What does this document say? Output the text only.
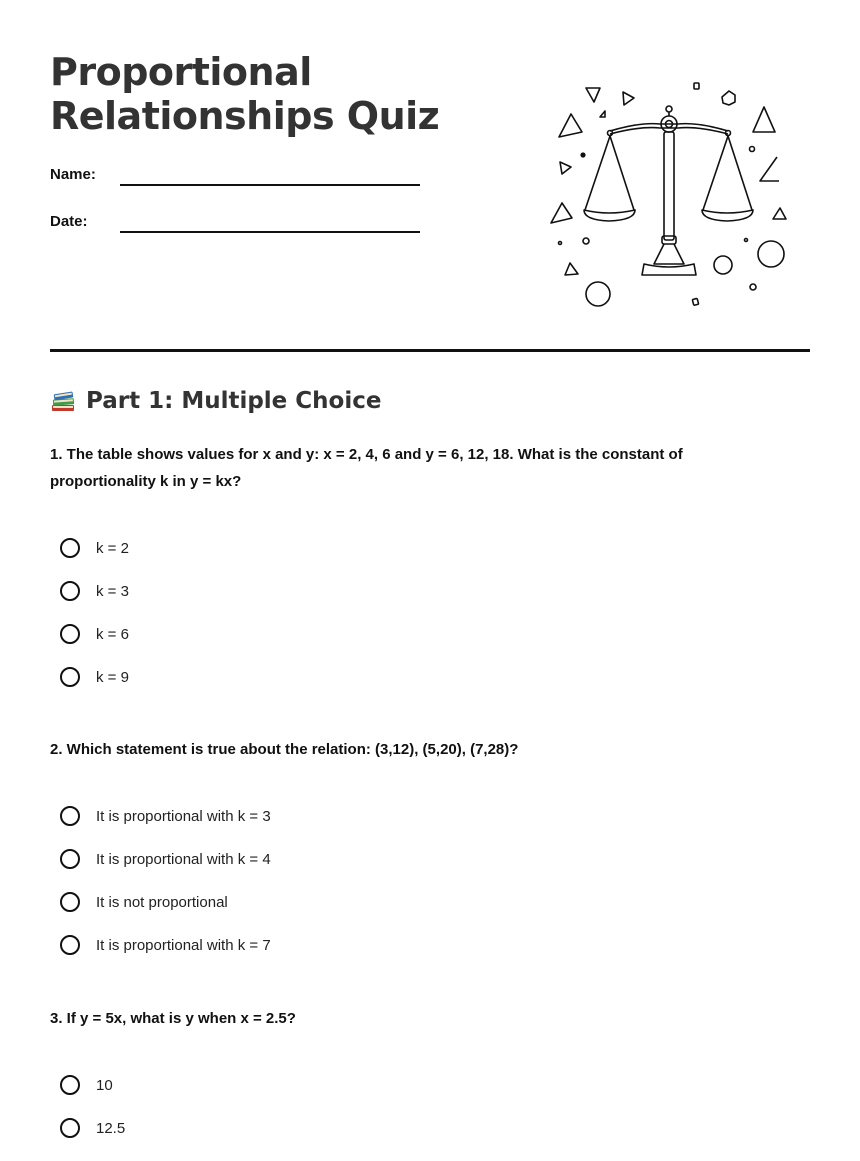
Proportional Relationships Quiz
Name:
Date:
Part 1: Multiple Choice
1. The table shows values for x and y: x = 2, 4, 6 and y = 6, 12, 18. What is the constant of proportionality k in y = kx?
k = 2
k = 3
k = 6
k = 9
2. Which statement is true about the relation: (3,12), (5,20), (7,28)?
It is proportional with k = 3
It is proportional with k = 4
It is not proportional
It is proportional with k = 7
3. If y = 5x, what is y when x = 2.5?
10
12.5
